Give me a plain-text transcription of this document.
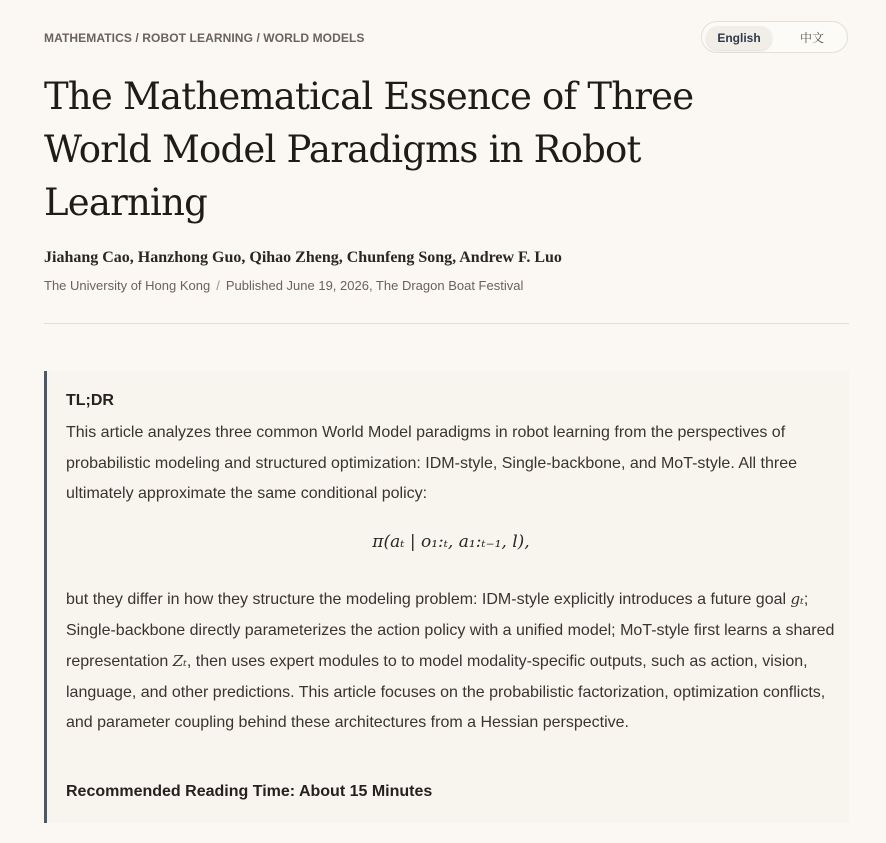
MATHEMATICS / ROBOT LEARNING / WORLD MODELS	English	中文
The Mathematical Essence of Three World Model Paradigms in Robot Learning
Jiahang Cao, Hanzhong Guo, Qihao Zheng, Chunfeng Song, Andrew F. Luo
The University of Hong Kong / Published June 19, 2026, The Dragon Boat Festival
TL;DR

This article analyzes three common World Model paradigms in robot learning from the perspectives of probabilistic modeling and structured optimization: IDM-style, Single-backbone, and MoT-style. All three ultimately approximate the same conditional policy:

π(aₜ | o₁:ₜ, a₁:ₜ₋₁, l),

but they differ in how they structure the modeling problem: IDM-style explicitly introduces a future goal gₜ; Single-backbone directly parameterizes the action policy with a unified model; MoT-style first learns a shared representation Zₜ, then uses expert modules to to model modality-specific outputs, such as action, vision, language, and other predictions. This article focuses on the probabilistic factorization, optimization conflicts, and parameter coupling behind these architectures from a Hessian perspective.

Recommended Reading Time: About 15 Minutes
